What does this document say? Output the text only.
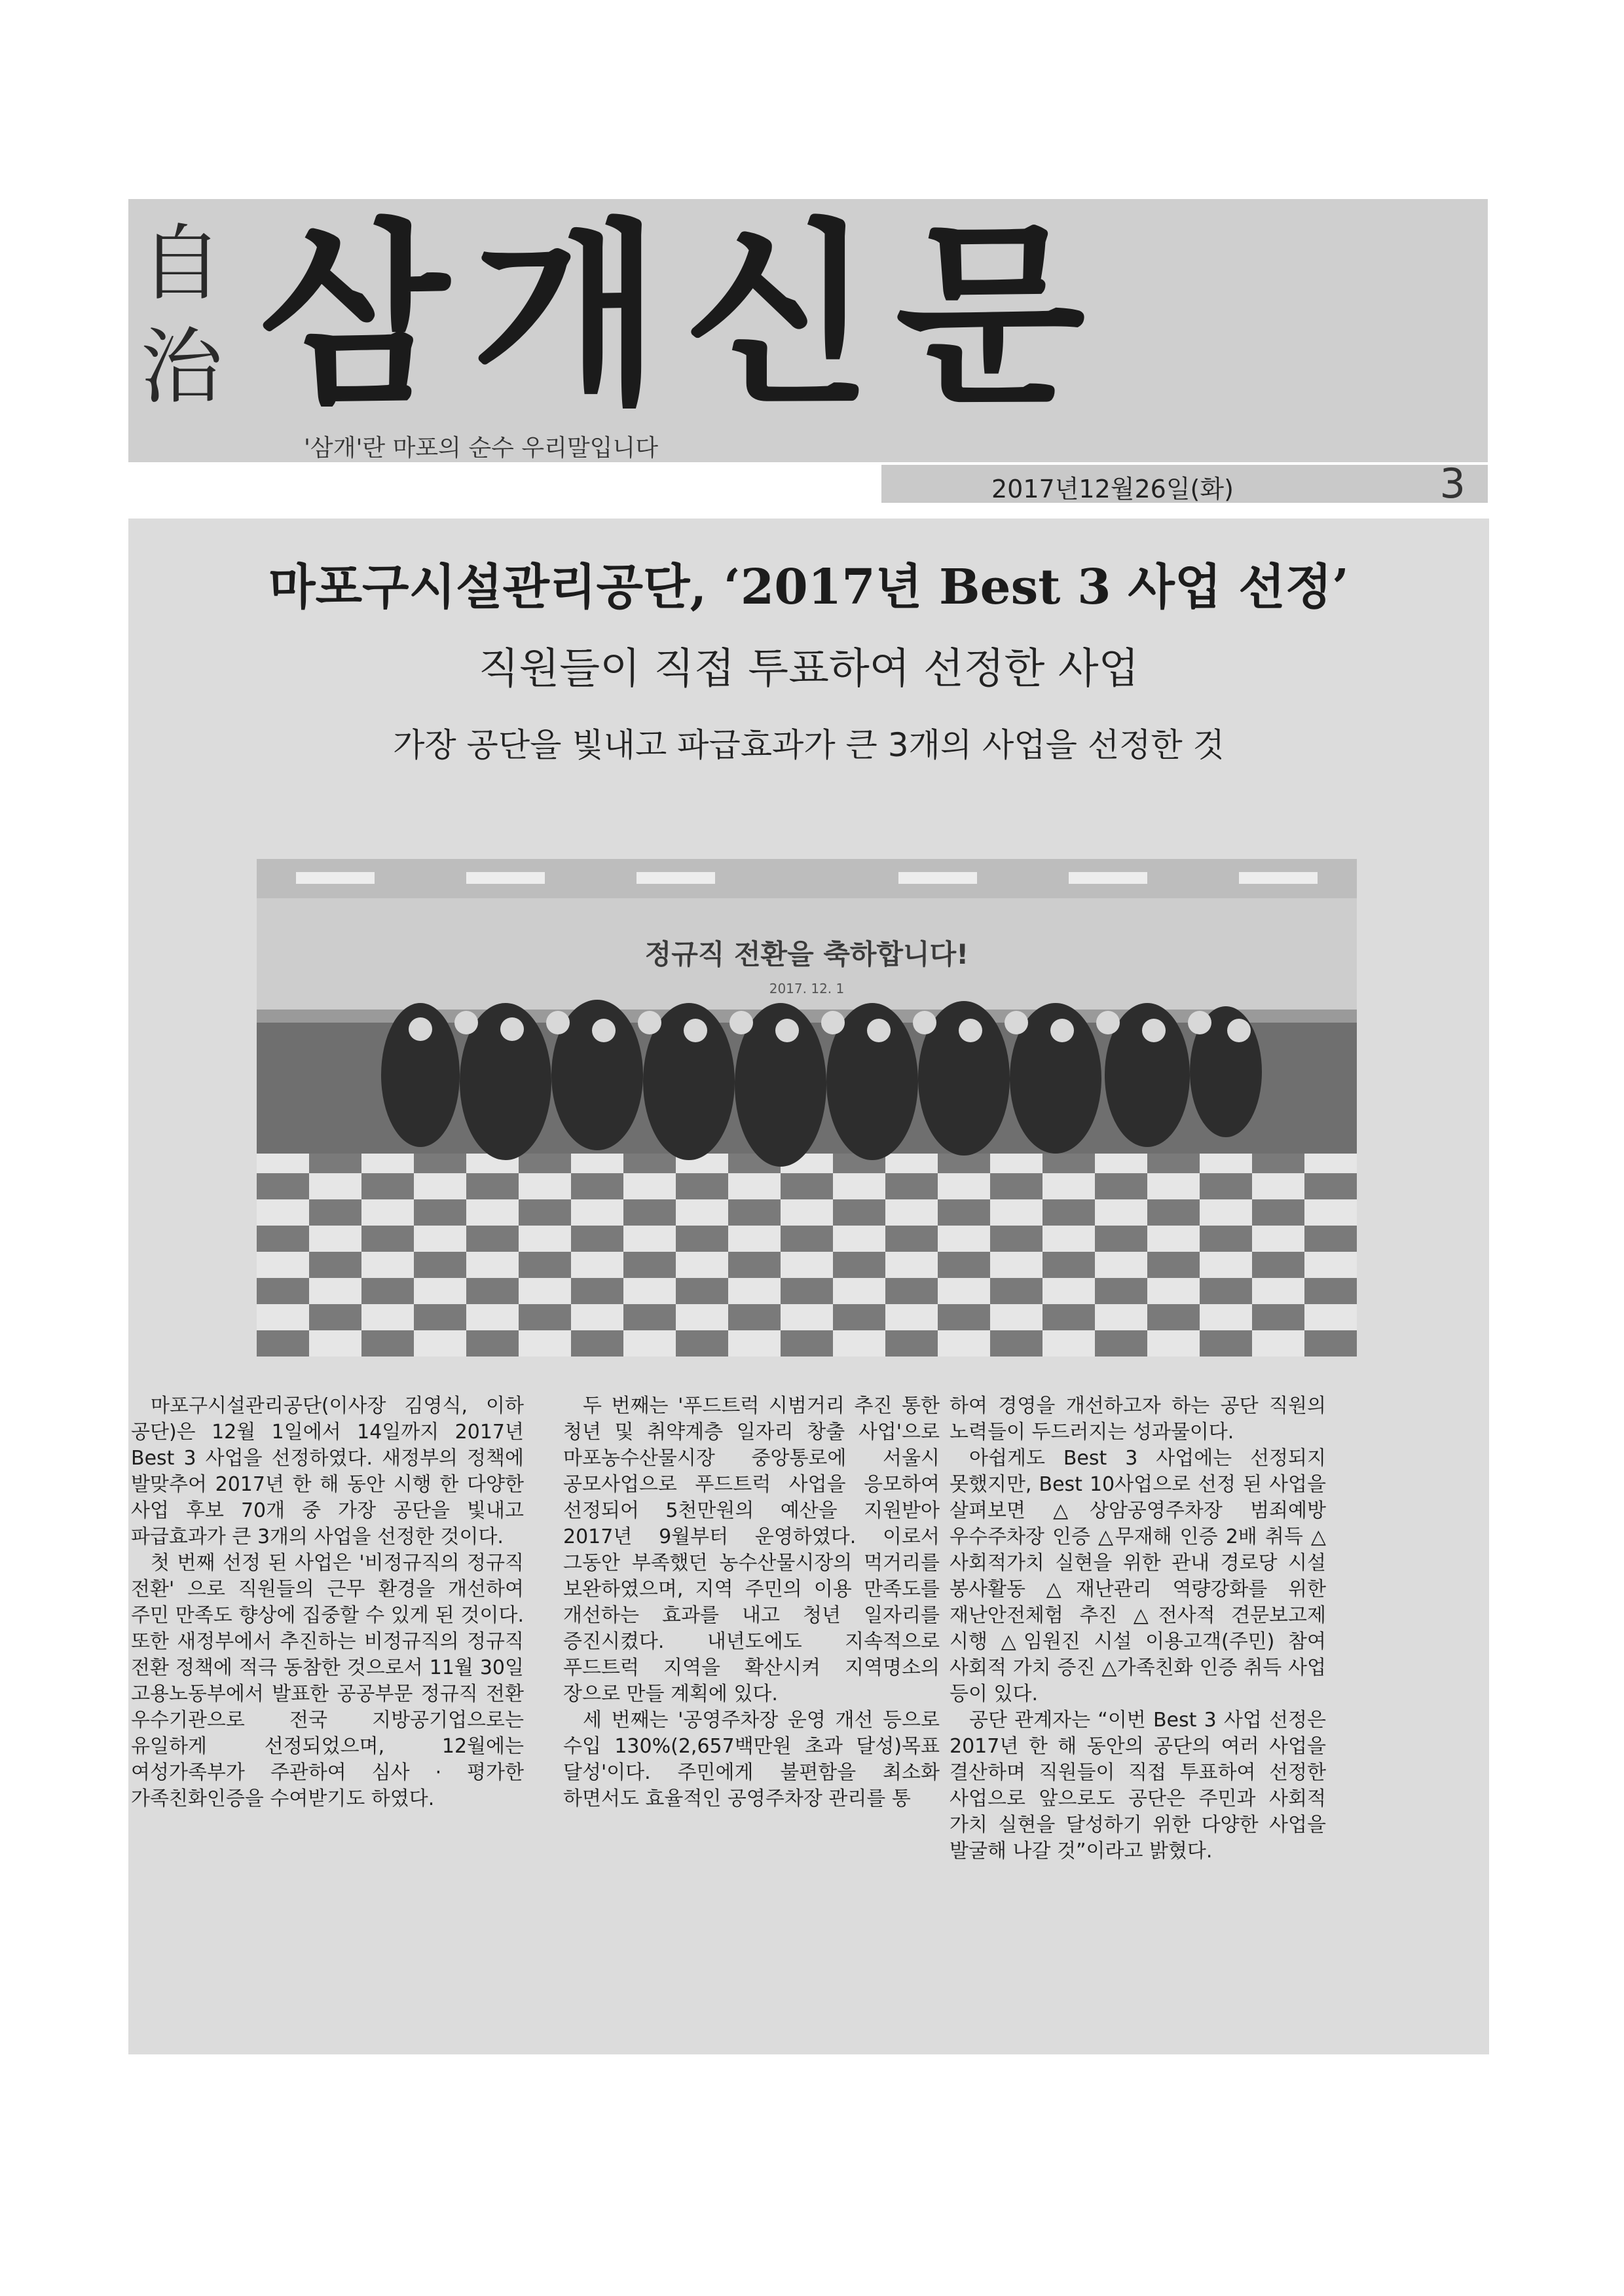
自
治 삼개신문
'삼개'란 마포의 순수 우리말입니다
2017년12월26일(화)	3
마포구시설관리공단, ‘2017년 Best 3 사업 선정’
직원들이 직접 투표하여 선정한 사업
가장 공단을 빛내고 파급효과가 큰 3개의 사업을 선정한 것
정규직 전환을 축하합니다!
2017. 12. 1

마포구시설관리공단(이사장 김영식, 이하 공단)은 12월 1일에서 14일까지 2017년 Best 3 사업을 선정하였다. 새정부의 정책에 발맞추어 2017년 한 해 동안 시행 한 다양한 사업 후보 70개 중 가장 공단을 빛내고 파급효과가 큰 3개의 사업을 선정한 것이다.

첫 번째 선정 된 사업은 '비정규직의 정규직 전환' 으로 직원들의 근무 환경을 개선하여 주민 만족도 향상에 집중할 수 있게 된 것이다. 또한 새정부에서 추진하는 비정규직의 정규직 전환 정책에 적극 동참한 것으로서 11월 30일 고용노동부에서 발표한 공공부문 정규직 전환 우수기관으로 전국 지방공기업으로는 유일하게 선정되었으며, 12월에는 여성가족부가 주관하여 심사 · 평가한 가족친화인증을 수여받기도 하였다.

두 번째는 '푸드트럭 시범거리 추진 통한 청년 및 취약계층 일자리 창출 사업'으로 마포농수산물시장 중앙통로에 서울시 공모사업으로 푸드트럭 사업을 응모하여 선정되어 5천만원의 예산을 지원받아 2017년 9월부터 운영하였다. 이로서 그동안 부족했던 농수산물시장의 먹거리를 보완하였으며, 지역 주민의 이용 만족도를 개선하는 효과를 내고 청년 일자리를 증진시켰다. 내년도에도 지속적으로 푸드트럭 지역을 확산시켜 지역명소의 장으로 만들 계획에 있다.

세 번째는 '공영주차장 운영 개선 등으로 수입 130%(2,657백만원 초과 달성)목표 달성'이다. 주민에게 불편함을 최소화 하면서도 효율적인 공영주차장 관리를 통

하여 경영을 개선하고자 하는 공단 직원의 노력들이 두드러지는 성과물이다.

아쉽게도 Best 3 사업에는 선정되지 못했지만, Best 10사업으로 선정 된 사업을 살펴보면 △상암공영주차장 범죄예방 우수주차장 인증 △무재해 인증 2배 취득 △사회적가치 실현을 위한 관내 경로당 시설 봉사활동 △재난관리 역량강화를 위한 재난안전체험 추진 △전사적 견문보고제 시행 △임원진 시설 이용고객(주민) 참여 사회적 가치 증진 △가족친화 인증 취득 사업 등이 있다.

공단 관계자는 “이번 Best 3 사업 선정은 2017년 한 해 동안의 공단의 여러 사업을 결산하며 직원들이 직접 투표하여 선정한 사업으로 앞으로도 공단은 주민과 사회적 가치 실현을 달성하기 위한 다양한 사업을 발굴해 나갈 것”이라고 밝혔다.
